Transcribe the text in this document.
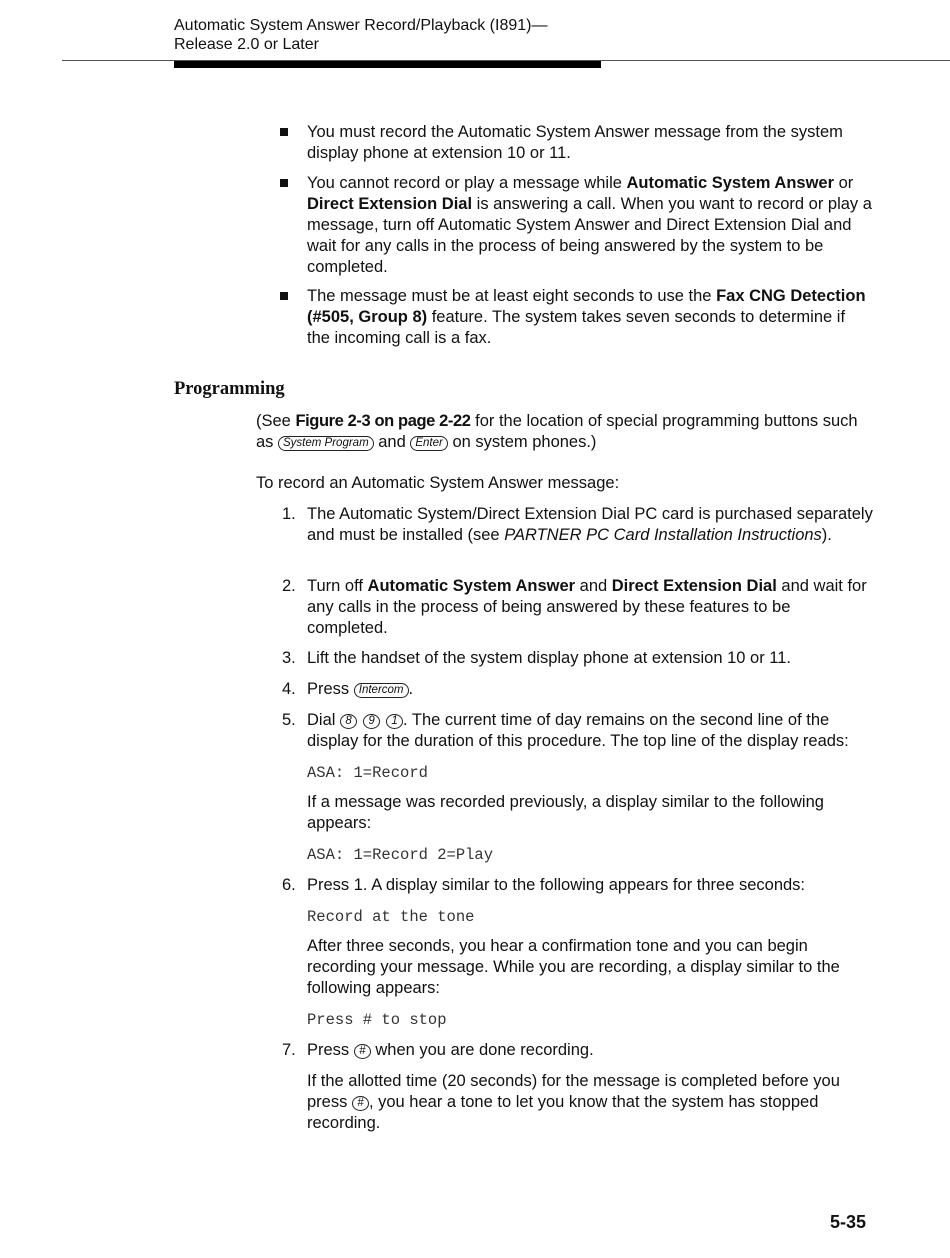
Automatic System Answer Record/Playback (I891)—
Release 2.0 or Later
You must record the Automatic System Answer message from the system display phone at extension 10 or 11.
You cannot record or play a message while Automatic System Answer or Direct Extension Dial is answering a call. When you want to record or play a message, turn off Automatic System Answer and Direct Extension Dial and wait for any calls in the process of being answered by the system to be completed.
The message must be at least eight seconds to use the Fax CNG Detection (#505, Group 8) feature. The system takes seven seconds to determine if the incoming call is a fax.
Programming
(See Figure 2-3 on page 2-22 for the location of special programming buttons such as System Program and Enter on system phones.)
To record an Automatic System Answer message:
1. The Automatic System/Direct Extension Dial PC card is purchased separately and must be installed (see PARTNER PC Card Installation Instructions).
2. Turn off Automatic System Answer and Direct Extension Dial and wait for any calls in the process of being answered by these features to be completed.
3. Lift the handset of the system display phone at extension 10 or 11.
4. Press Intercom .
5. Dial 8 9 1 . The current time of day remains on the second line of the display for the duration of this procedure. The top line of the display reads:
ASA: 1=Record
If a message was recorded previously, a display similar to the following appears:
ASA: 1=Record 2=Play
6. Press 1. A display similar to the following appears for three seconds:
Record at the tone
After three seconds, you hear a confirmation tone and you can begin recording your message. While you are recording, a display similar to the following appears:
Press # to stop
7. Press # when you are done recording.
If the allotted time (20 seconds) for the message is completed before you press # , you hear a tone to let you know that the system has stopped recording.
5-35
